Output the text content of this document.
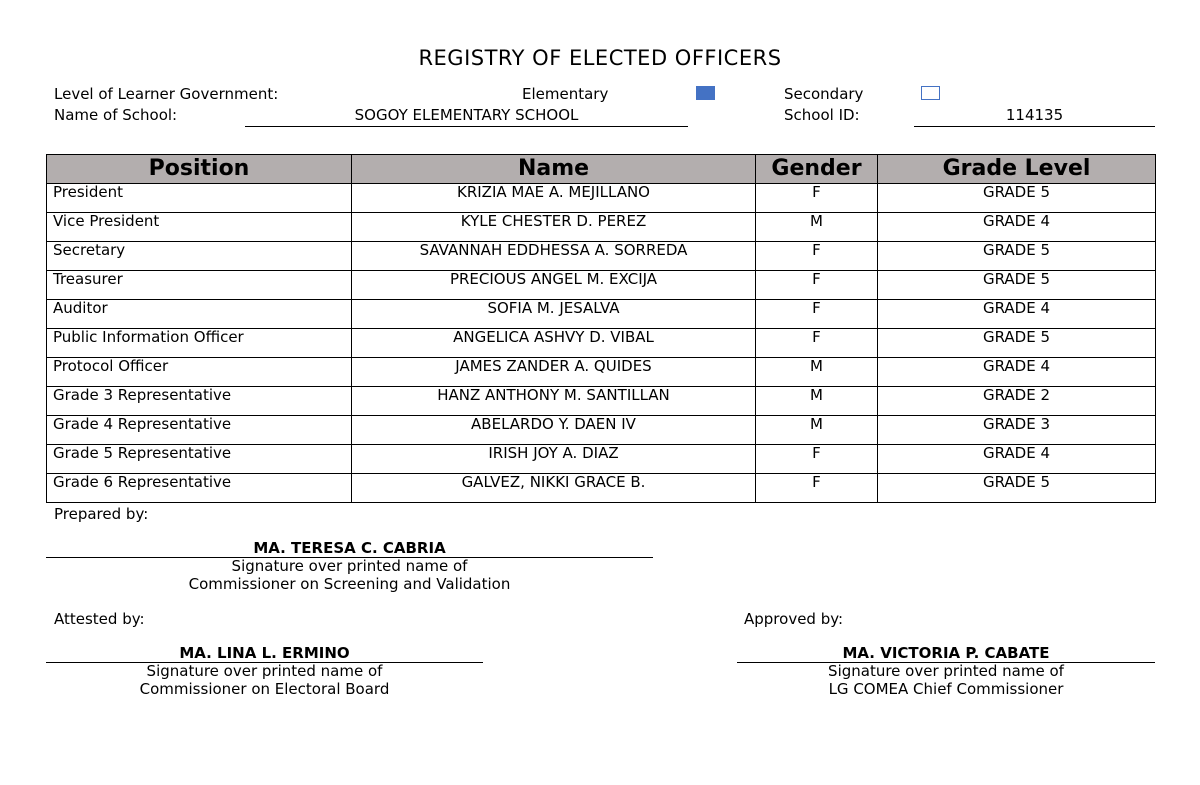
REGISTRY OF ELECTED OFFICERS
Level of Learner Government:	Elementary	Secondary
Name of School:	SOGOY ELEMENTARY SCHOOL	School ID:	114135
Position	Name	Gender	Grade Level
President	KRIZIA MAE A. MEJILLANO	F	GRADE 5
Vice President	KYLE CHESTER D. PEREZ	M	GRADE 4
Secretary	SAVANNAH EDDHESSA A. SORREDA	F	GRADE 5
Treasurer	PRECIOUS ANGEL M. EXCIJA	F	GRADE 5
Auditor	SOFIA M. JESALVA	F	GRADE 4
Public Information Officer	ANGELICA ASHVY D. VIBAL	F	GRADE 5
Protocol Officer	JAMES ZANDER A. QUIDES	M	GRADE 4
Grade 3 Representative	HANZ ANTHONY M. SANTILLAN	M	GRADE 2
Grade 4 Representative	ABELARDO Y. DAEN IV	M	GRADE 3
Grade 5 Representative	IRISH JOY A. DIAZ	F	GRADE 4
Grade 6 Representative	GALVEZ, NIKKI GRACE B.	F	GRADE 5
Prepared by:
MA. TERESA C. CABRIA
Signature over printed name of
Commissioner on Screening and Validation
Attested by:
MA. LINA L. ERMINO
Signature over printed name of
Commissioner on Electoral Board
Approved by:
MA. VICTORIA P. CABATE
Signature over printed name of
LG COMEA Chief Commissioner
